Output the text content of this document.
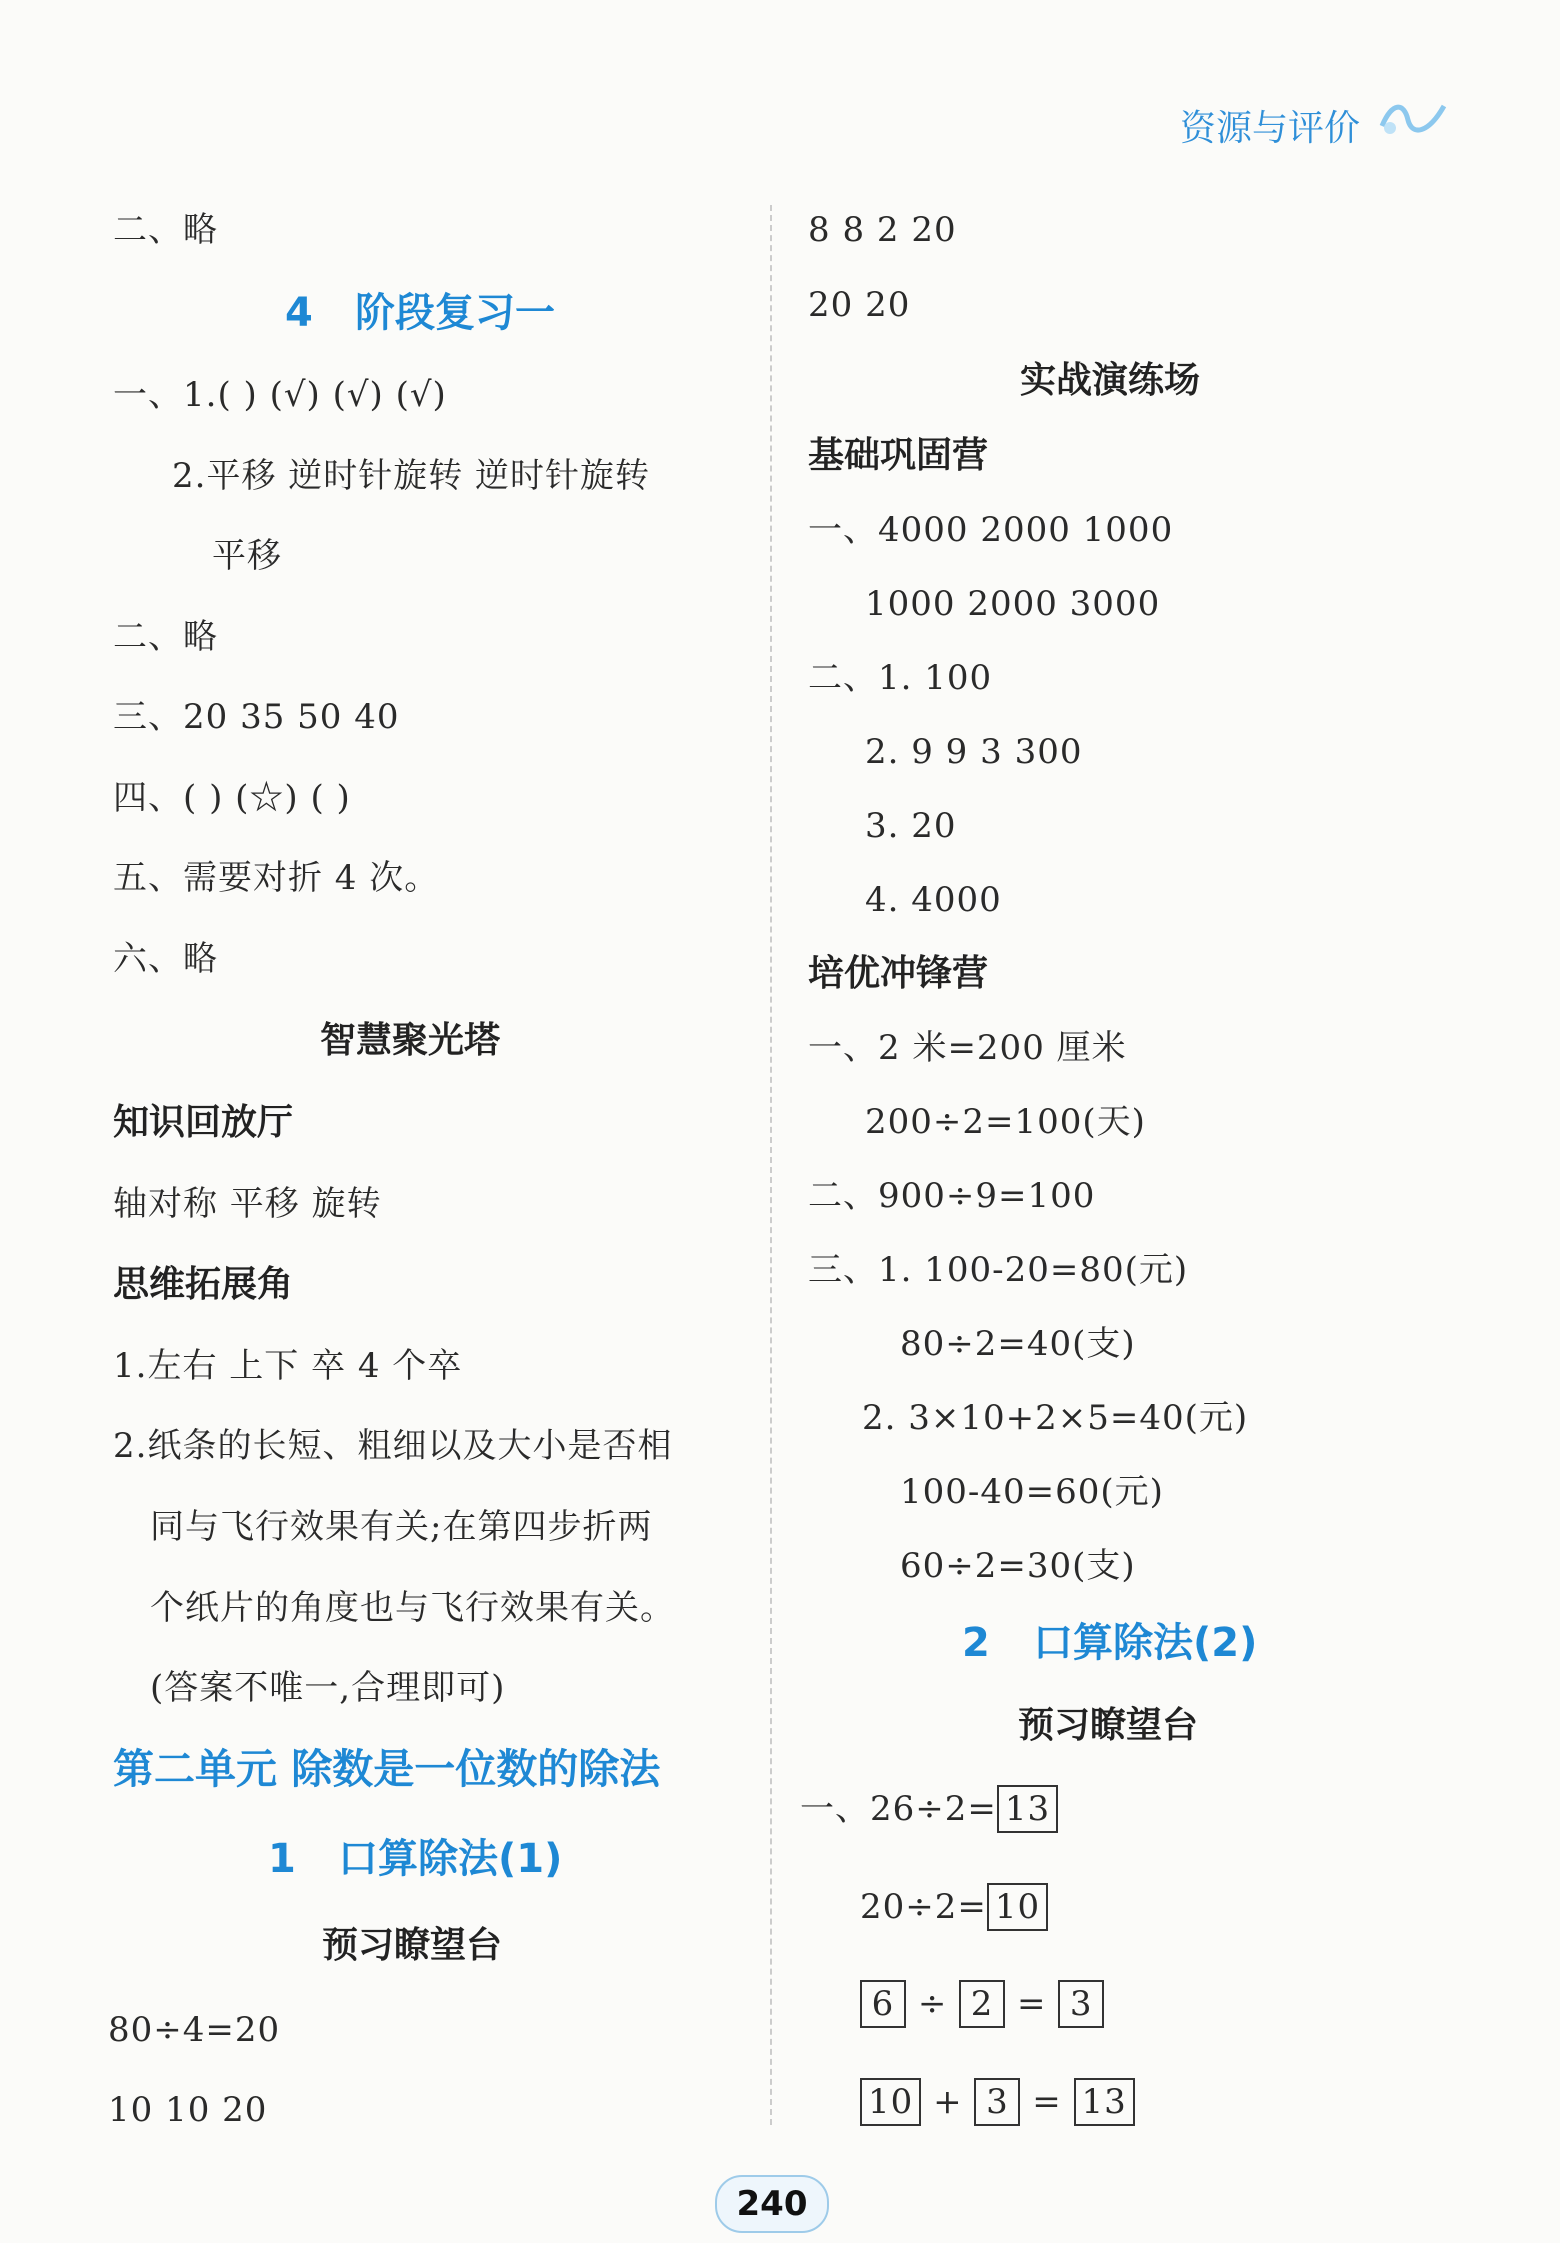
资源与评价
二、略
4 阶段复习一
一、1.( ) (√) (√) (√)
2.平移 逆时针旋转 逆时针旋转
平移
二、略
三、20 35 50 40
四、( ) (☆) ( )
五、需要对折 4 次。
六、略
智慧聚光塔
知识回放厅
轴对称 平移 旋转
思维拓展角
1.左右 上下 卒 4 个卒
2.纸条的长短、粗细以及大小是否相
同与飞行效果有关;在第四步折两
个纸片的角度也与飞行效果有关。
(答案不唯一,合理即可)
第二单元 除数是一位数的除法
1 口算除法(1)
预习瞭望台
80÷4=20
10 10 20
8 8 2 20
20 20
实战演练场
基础巩固营
一、4000 2000 1000
1000 2000 3000
二、1. 100
2. 9 9 3 300
3. 20
4. 4000
培优冲锋营
一、2 米=200 厘米
200÷2=100(天)
二、900÷9=100
三、1. 100-20=80(元)
80÷2=40(支)
2. 3×10+2×5=40(元)
100-40=60(元)
60÷2=30(支)
2 口算除法(2)
预习瞭望台
一、26÷2= 13
20÷2= 10
6 ÷ 2 = 3
10 + 3 = 13
240
